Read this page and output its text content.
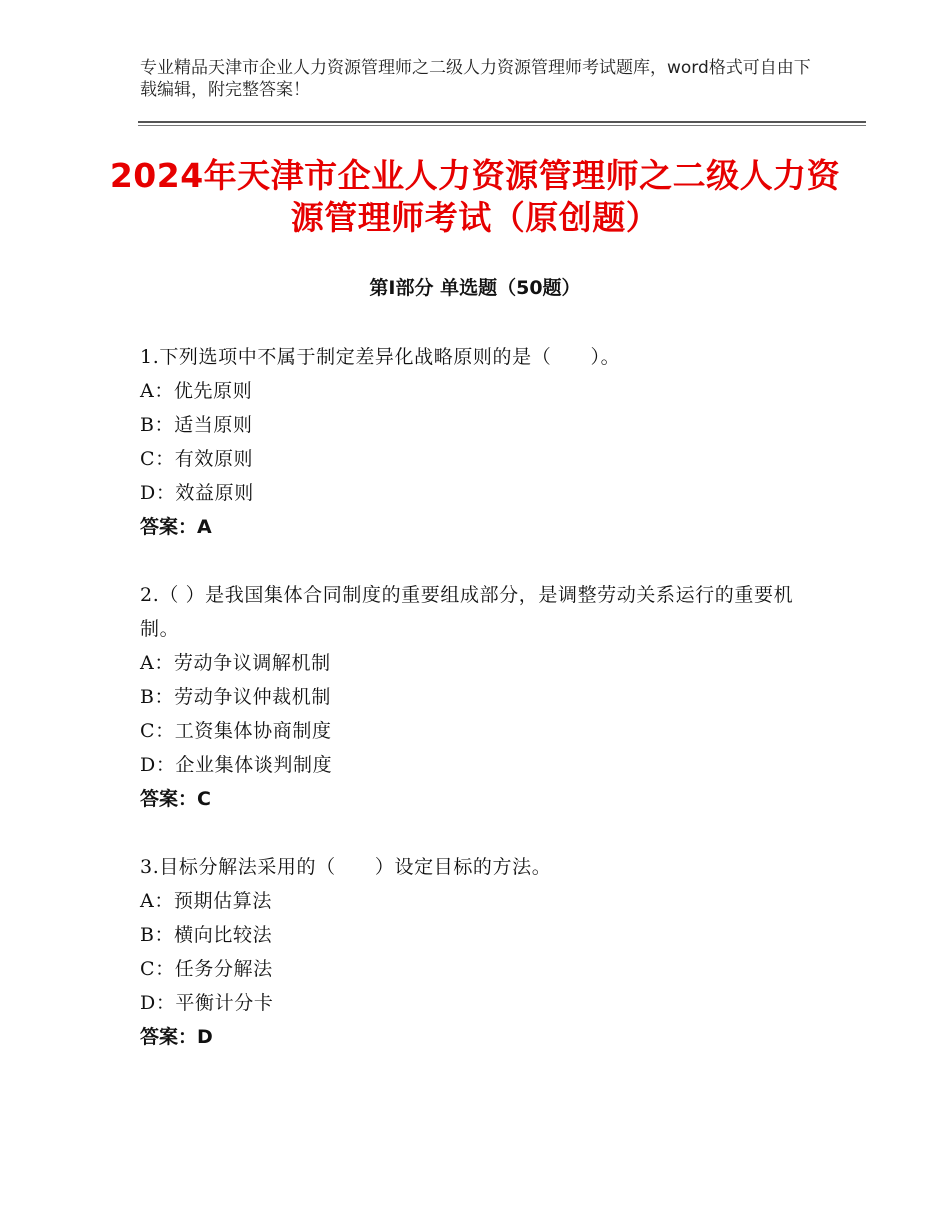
专业精品天津市企业人力资源管理师之二级人力资源管理师考试题库，word格式可自由下载编辑，附完整答案！
2024年天津市企业人力资源管理师之二级人力资源管理师考试（原创题）
第Ⅰ部分 单选题（50题）
1.下列选项中不属于制定差异化战略原则的是（　　）。
A：优先原则
B：适当原则
C：有效原则
D：效益原则
答案：A
2.（ ）是我国集体合同制度的重要组成部分，是调整劳动关系运行的重要机制。
A：劳动争议调解机制
B：劳动争议仲裁机制
C：工资集体协商制度
D：企业集体谈判制度
答案：C
3.目标分解法采用的（　　）设定目标的方法。
A：预期估算法
B：横向比较法
C：任务分解法
D：平衡计分卡
答案：D
